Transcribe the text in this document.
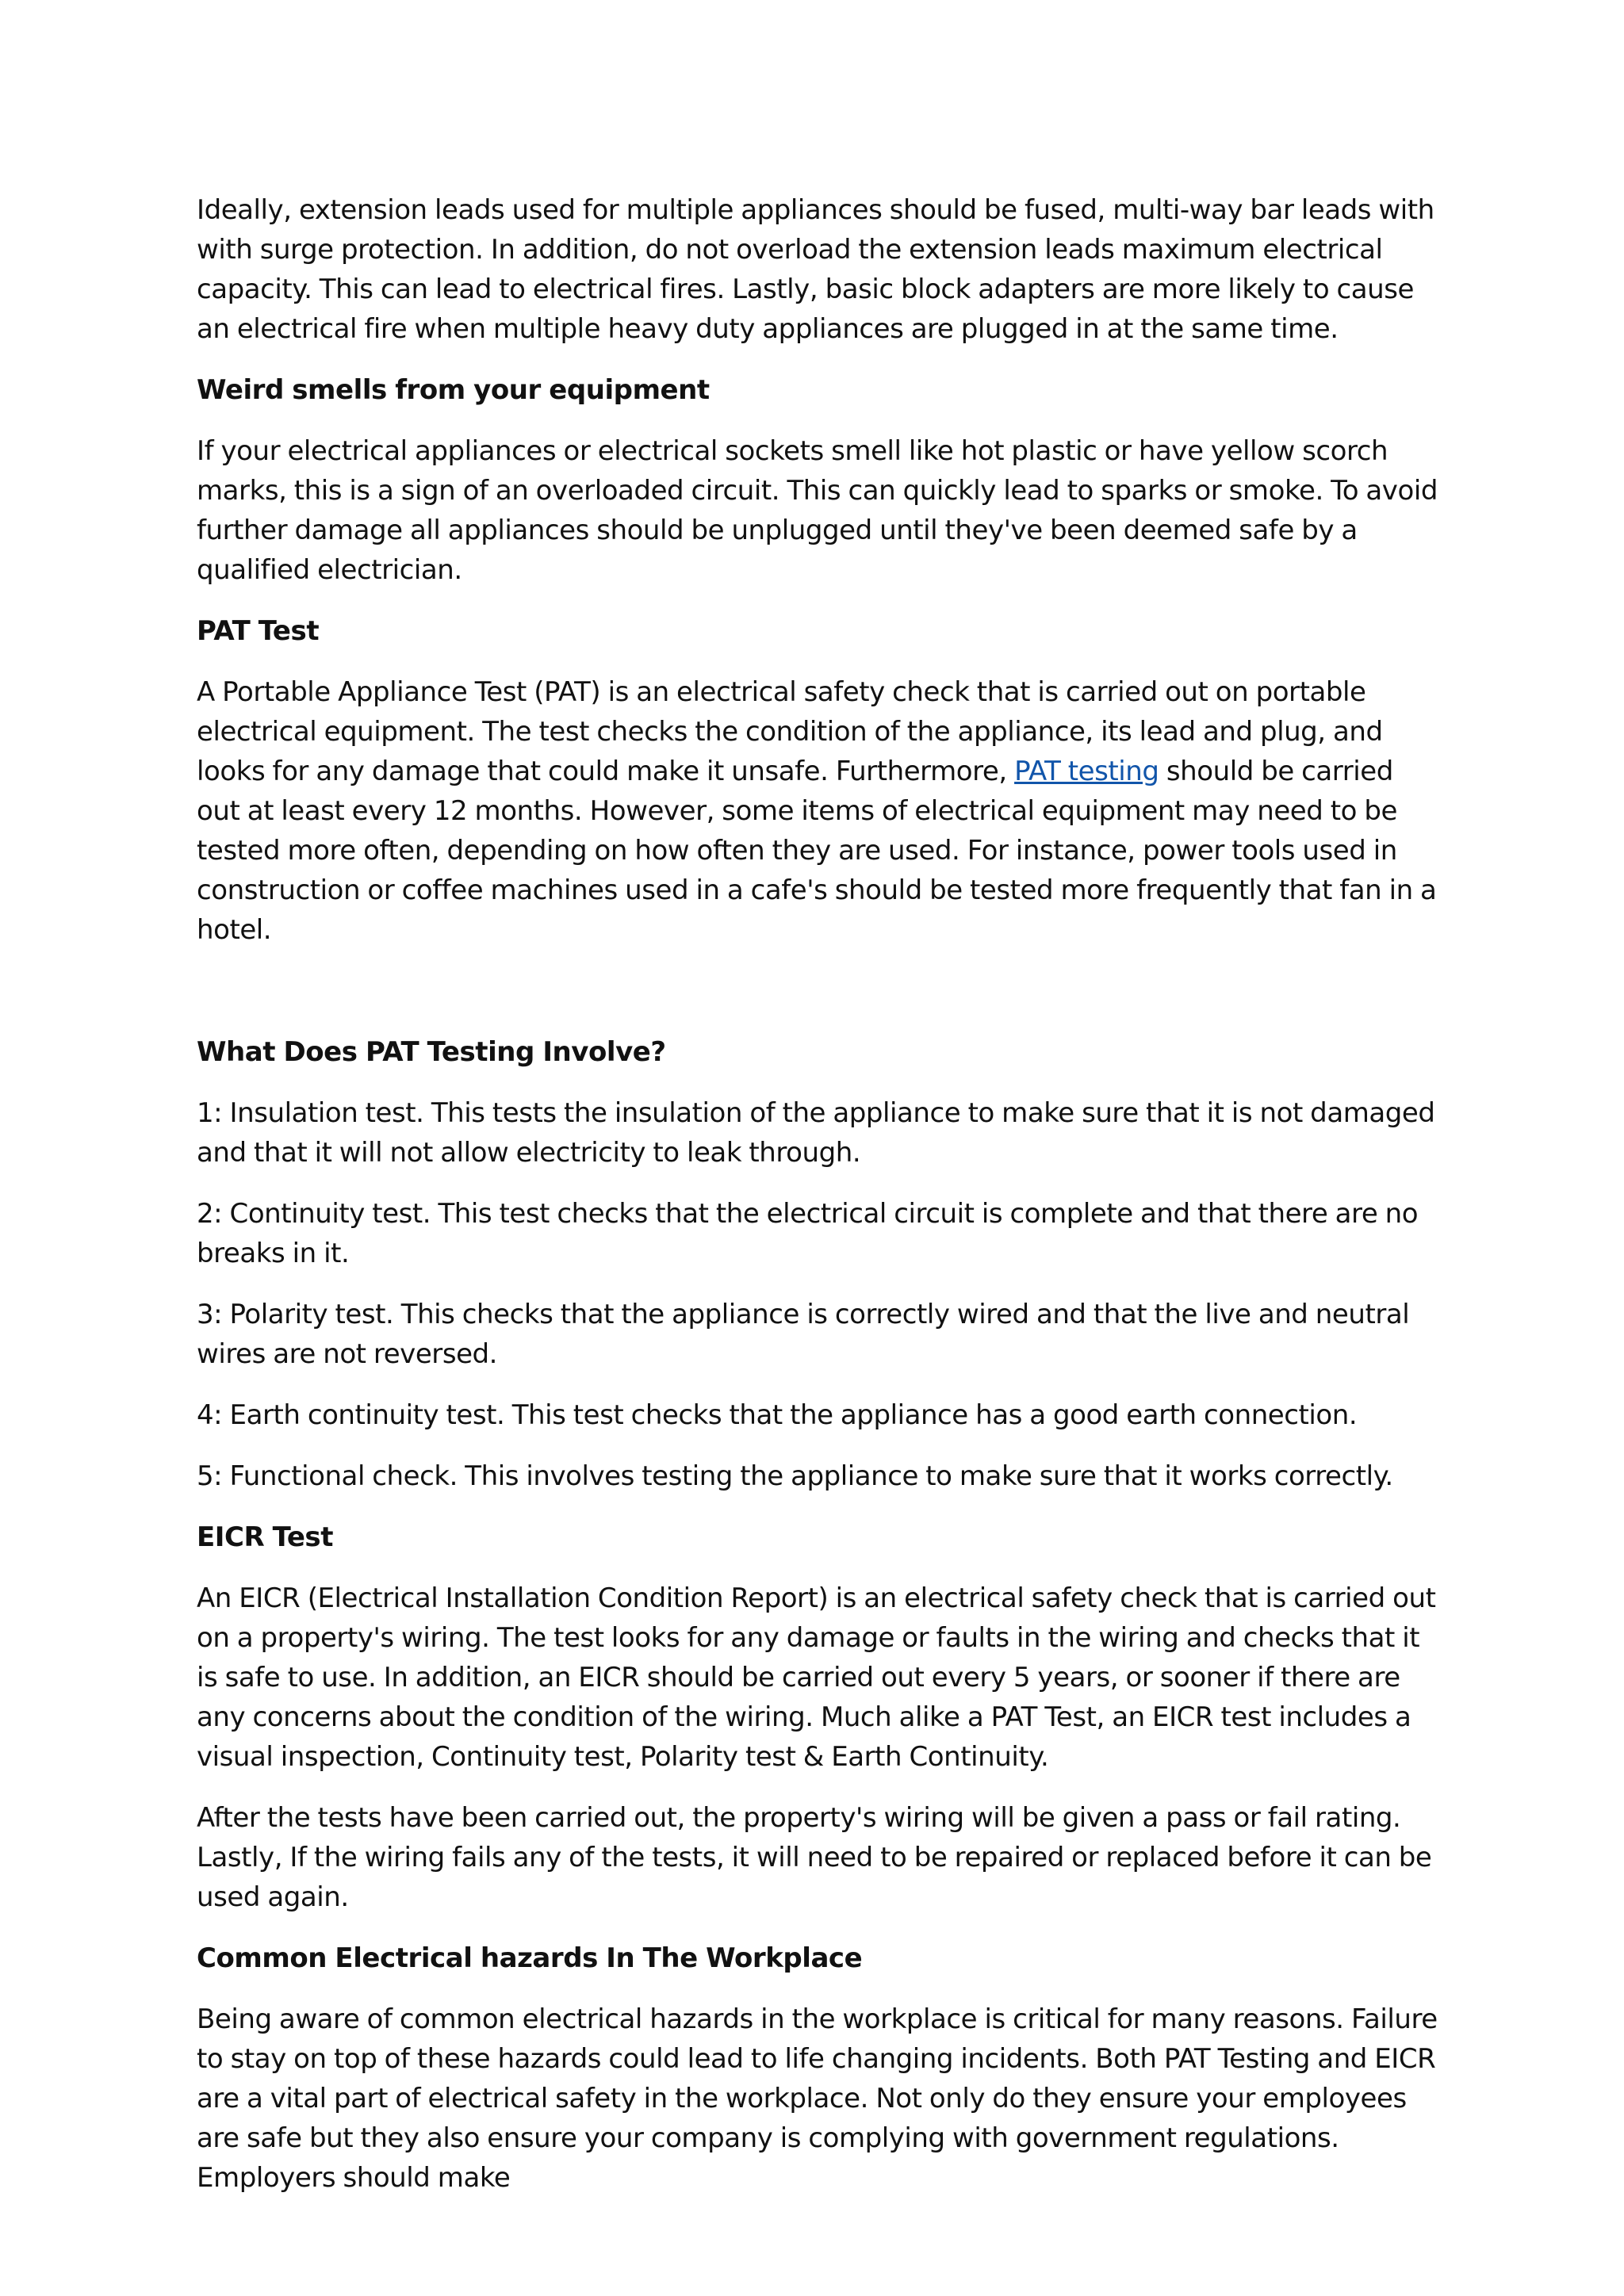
Ideally, extension leads used for multiple appliances should be fused, multi-way bar leads with with surge protection. In addition, do not overload the extension leads maximum electrical capacity. This can lead to electrical fires. Lastly, basic block adapters are more likely to cause an electrical fire when multiple heavy duty appliances are plugged in at the same time.

Weird smells from your equipment

If your electrical appliances or electrical sockets smell like hot plastic or have yellow scorch marks, this is a sign of an overloaded circuit. This can quickly lead to sparks or smoke. To avoid further damage all appliances should be unplugged until they've been deemed safe by a qualified electrician.

PAT Test

A Portable Appliance Test (PAT) is an electrical safety check that is carried out on portable electrical equipment. The test checks the condition of the appliance, its lead and plug, and looks for any damage that could make it unsafe. Furthermore, PAT testing should be carried out at least every 12 months. However, some items of electrical equipment may need to be tested more often, depending on how often they are used. For instance, power tools used in construction or coffee machines used in a cafe's should be tested more frequently that fan in a hotel.

What Does PAT Testing Involve?

1: Insulation test. This tests the insulation of the appliance to make sure that it is not damaged and that it will not allow electricity to leak through.

2: Continuity test. This test checks that the electrical circuit is complete and that there are no breaks in it.

3: Polarity test. This checks that the appliance is correctly wired and that the live and neutral wires are not reversed.

4: Earth continuity test. This test checks that the appliance has a good earth connection.

5: Functional check. This involves testing the appliance to make sure that it works correctly.

EICR Test

An EICR (Electrical Installation Condition Report) is an electrical safety check that is carried out on a property's wiring. The test looks for any damage or faults in the wiring and checks that it is safe to use. In addition, an EICR should be carried out every 5 years, or sooner if there are any concerns about the condition of the wiring. Much alike a PAT Test, an EICR test includes a visual inspection, Continuity test, Polarity test & Earth Continuity.

After the tests have been carried out, the property's wiring will be given a pass or fail rating. Lastly, If the wiring fails any of the tests, it will need to be repaired or replaced before it can be used again.

Common Electrical hazards In The Workplace

Being aware of common electrical hazards in the workplace is critical for many reasons. Failure to stay on top of these hazards could lead to life changing incidents. Both PAT Testing and EICR are a vital part of electrical safety in the workplace. Not only do they ensure your employees are safe but they also ensure your company is complying with government regulations. Employers should make
